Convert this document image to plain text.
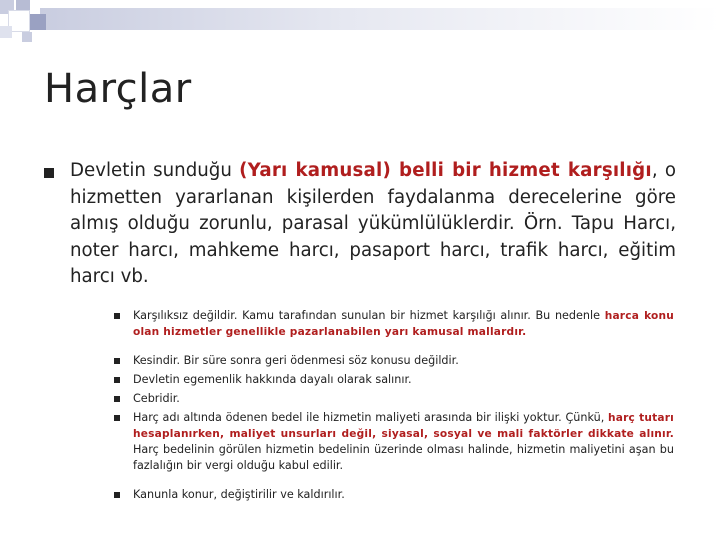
Harçlar
Devletin sunduğu (Yarı kamusal) belli bir hizmet karşılığı, o hizmetten yararlanan kişilerden faydalanma derecelerine göre almış olduğu zorunlu, parasal yükümlülüklerdir. Örn. Tapu Harcı, noter harcı, mahkeme harcı, pasaport harcı, trafik harcı, eğitim harcı vb.
Karşılıksız değildir. Kamu tarafından sunulan bir hizmet karşılığı alınır. Bu nedenle harca konu olan hizmetler genellikle pazarlanabilen yarı kamusal mallardır.
Kesindir. Bir süre sonra geri ödenmesi söz konusu değildir.
Devletin egemenlik hakkında dayalı olarak salınır.
Cebridir.
Harç adı altında ödenen bedel ile hizmetin maliyeti arasında bir ilişki yoktur. Çünkü, harç tutarı hesaplanırken, maliyet unsurları değil, siyasal, sosyal ve mali faktörler dikkate alınır. Harç bedelinin görülen hizmetin bedelinin üzerinde olması halinde, hizmetin maliyetini aşan bu fazlalığın bir vergi olduğu kabul edilir.
Kanunla konur, değiştirilir ve kaldırılır.
